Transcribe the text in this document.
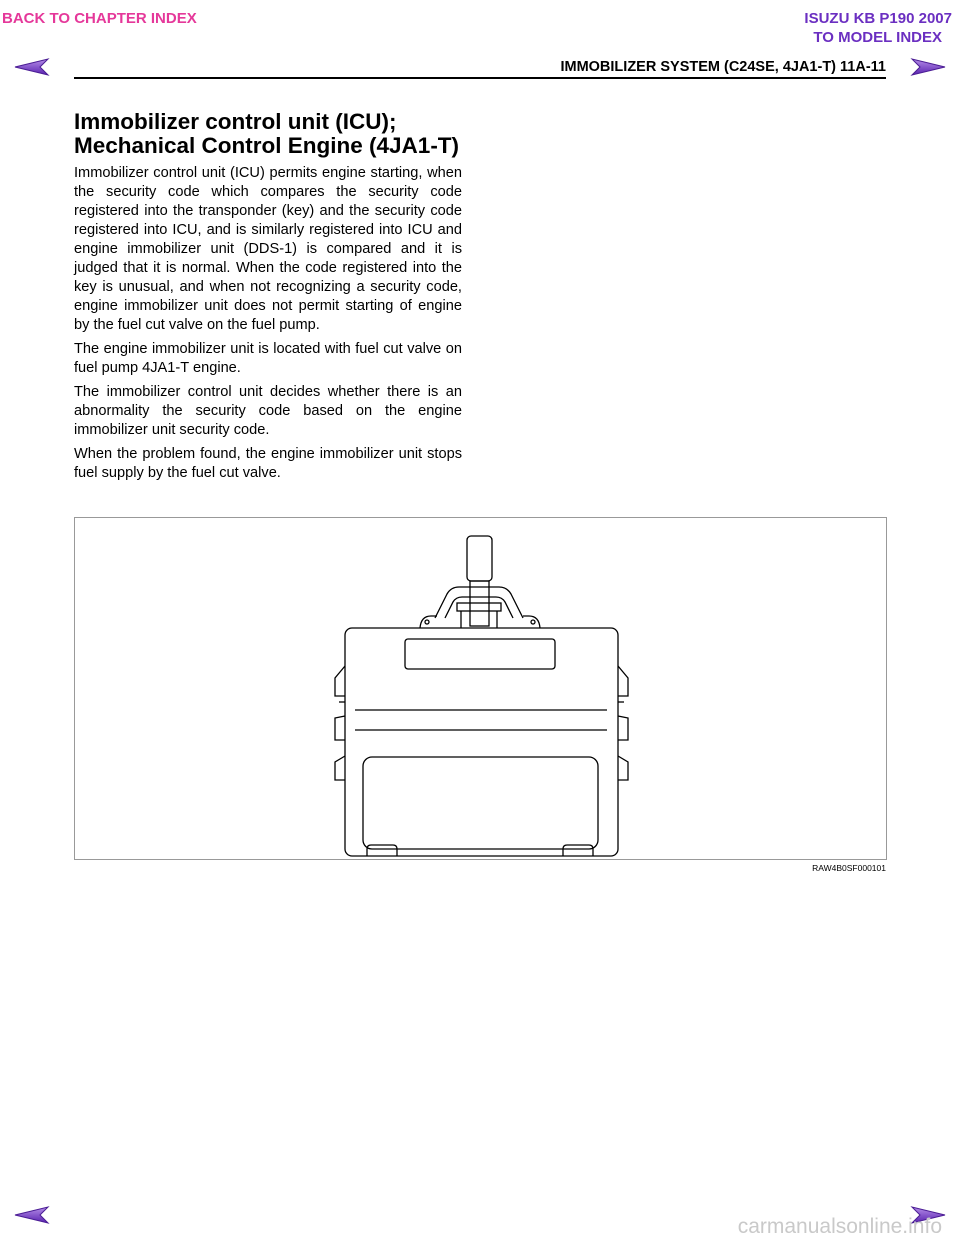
BACK TO CHAPTER INDEX	ISUZU KB P190 2007
TO MODEL INDEX
IMMOBILIZER SYSTEM (C24SE, 4JA1-T) 11A-11
Immobilizer control unit (ICU);
Mechanical Control Engine (4JA1-T)

Immobilizer control unit (ICU) permits engine starting, when the security code which compares the security code registered into the transponder (key) and the security code registered into ICU, and is similarly registered into ICU and engine immobilizer unit (DDS-1) is compared and it is judged that it is normal. When the code registered into the key is unusual, and when not recognizing a security code, engine immobilizer unit does not permit starting of engine by the fuel cut valve on the fuel pump.

The engine immobilizer unit is located with fuel cut valve on fuel pump 4JA1-T engine.

The immobilizer control unit decides whether there is an abnormality the security code based on the engine immobilizer unit security code.

When the problem found, the engine immobilizer unit stops fuel supply by the fuel cut valve.

RAW4B0SF000101
carmanualsonline.info
